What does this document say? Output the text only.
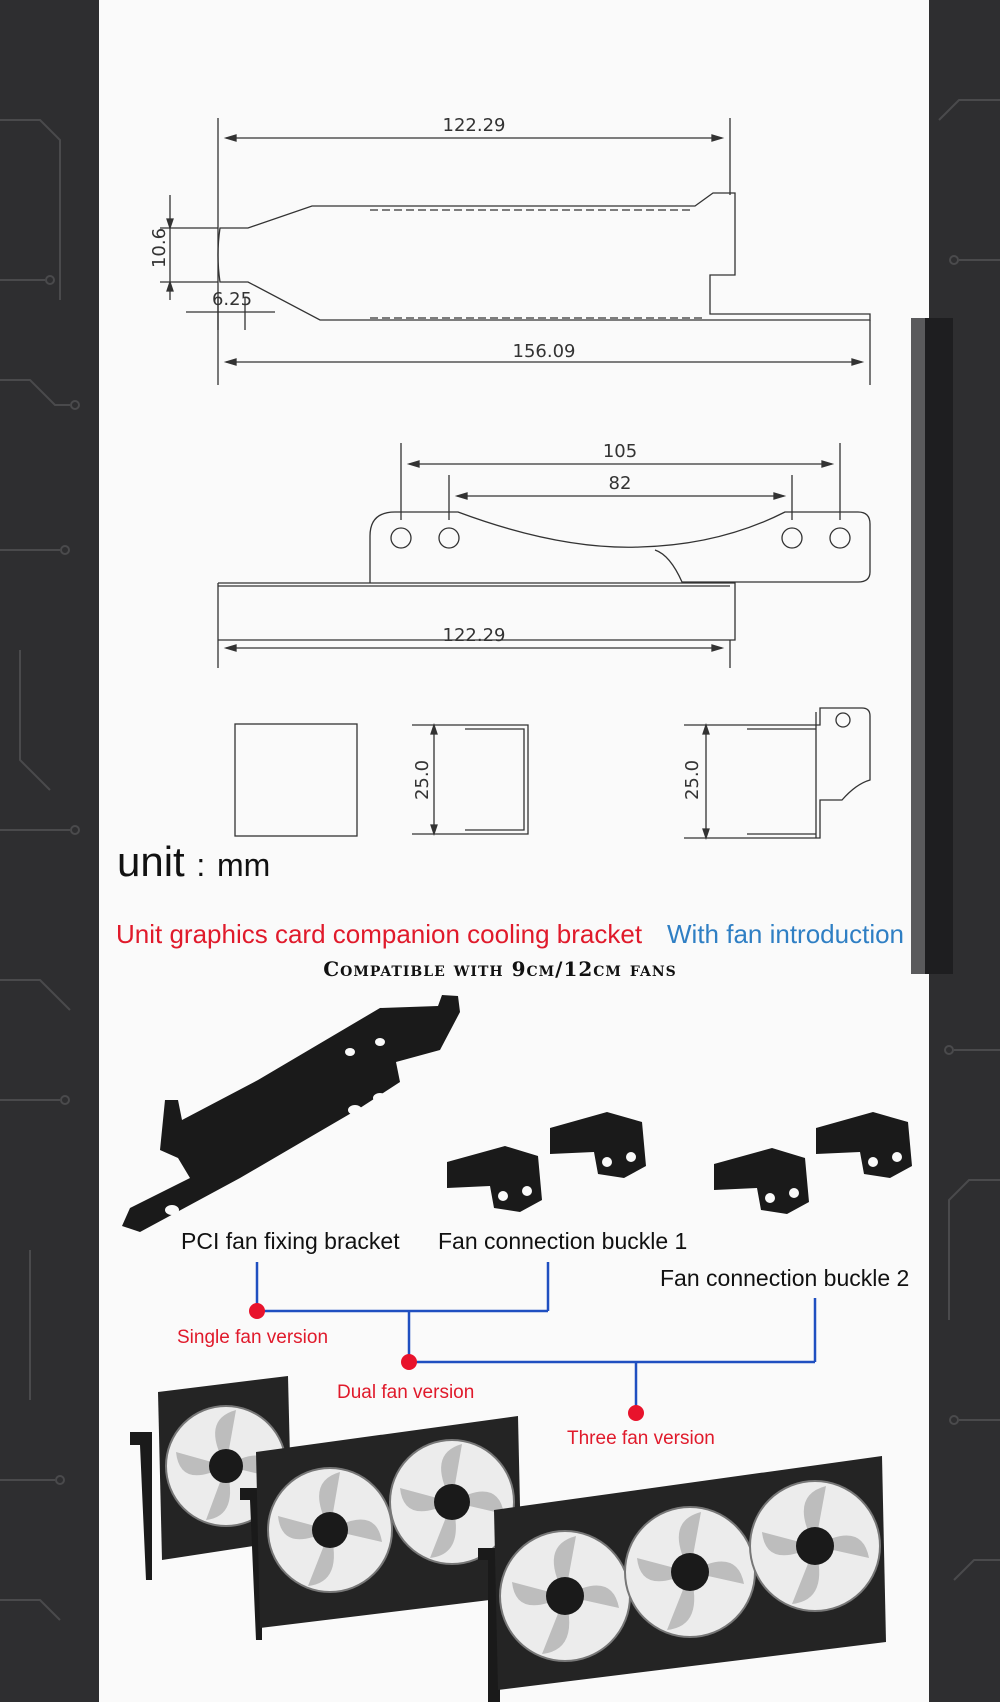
122.29
10.6
6.25
156.09
105
82
122.29
25.0	25.0
unit : mm
Unit graphics card companion cooling bracket With fan introduction
Compatible with 9cm/12cm fans
PCI fan fixing bracket Fan connection buckle 1
Fan connection buckle 2
Single fan version
Dual fan version
Three fan version
